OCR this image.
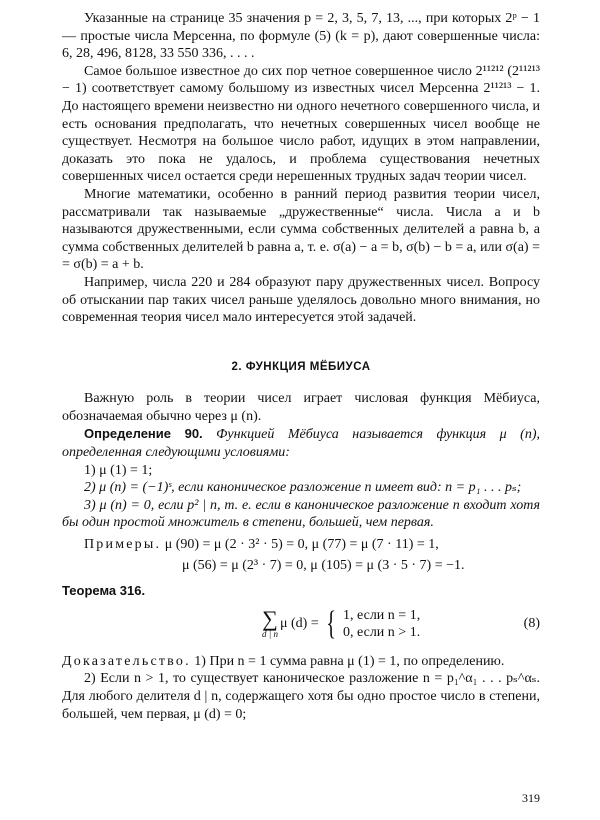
Указанные на странице 35 значения p = 2, 3, 5, 7, 13, ..., при которых 2ᵖ − 1 — простые числа Мерсенна, по формуле (5) (k = p), дают совершенные числа: 6, 28, 496, 8128, 33 550 336, . . . .

Самое большое известное до сих пор четное совершенное число 2¹¹²¹² (2¹¹²¹³ − 1) соответствует самому большому из известных чисел Мерсенна 2¹¹²¹³ − 1. До настоящего времени неизвестно ни одного нечетного совершенного числа, и есть основания предполагать, что нечетных совершенных чисел вообще не существует. Несмотря на большое число работ, идущих в этом направлении, доказать это пока не удалось, и проблема существования нечетных совершенных чисел остается среди нерешенных трудных задач теории чисел.

Многие математики, особенно в ранний период развития теории чисел, рассматривали так называемые „дружественные“ числа. Числа a и b называются дружественными, если сумма собственных делителей a равна b, а сумма собственных делителей b равна a, т. е. σ(a) − a = b, σ(b) − b = a, или σ(a) = = σ(b) = a + b.

Например, числа 220 и 284 образуют пару дружественных чисел. Вопросу об отыскании пар таких чисел раньше уделялось довольно много внимания, но современная теория чисел мало интересуется этой задачей.

2. ФУНКЦИЯ МЁБИУСА

Важную роль в теории чисел играет числовая функция Мёбиуса, обозначаемая обычно через μ (n).

Определение 90. Функцией Мёбиуса называется функция μ (n), определенная следующими условиями:

1) μ (1) = 1;

2) μ (n) = (−1)ˢ, если каноническое разложение n имеет вид: n = p₁ . . . pₛ;

3) μ (n) = 0, если p² | n, т. е. если в каноническое разложение n входит хотя бы один простой множитель в степени, большей, чем первая.

Примеры. μ (90) = μ (2 · 3² · 5) = 0, μ (77) = μ (7 · 11) = 1,

μ (56) = μ (2³ · 7) = 0, μ (105) = μ (3 · 5 · 7) = −1.

Теорема 316.

∑
d | n
μ (d) = { 1, если n = 1,
0, если n > 1.
(8)

Доказательство. 1) При n = 1 сумма равна μ (1) = 1, по определению.

2) Если n > 1, то существует каноническое разложение n = p₁^α₁ . . . pₛ^αₛ. Для любого делителя d | n, содержащего хотя бы одно простое число в степени, большей, чем первая, μ (d) = 0;

319
